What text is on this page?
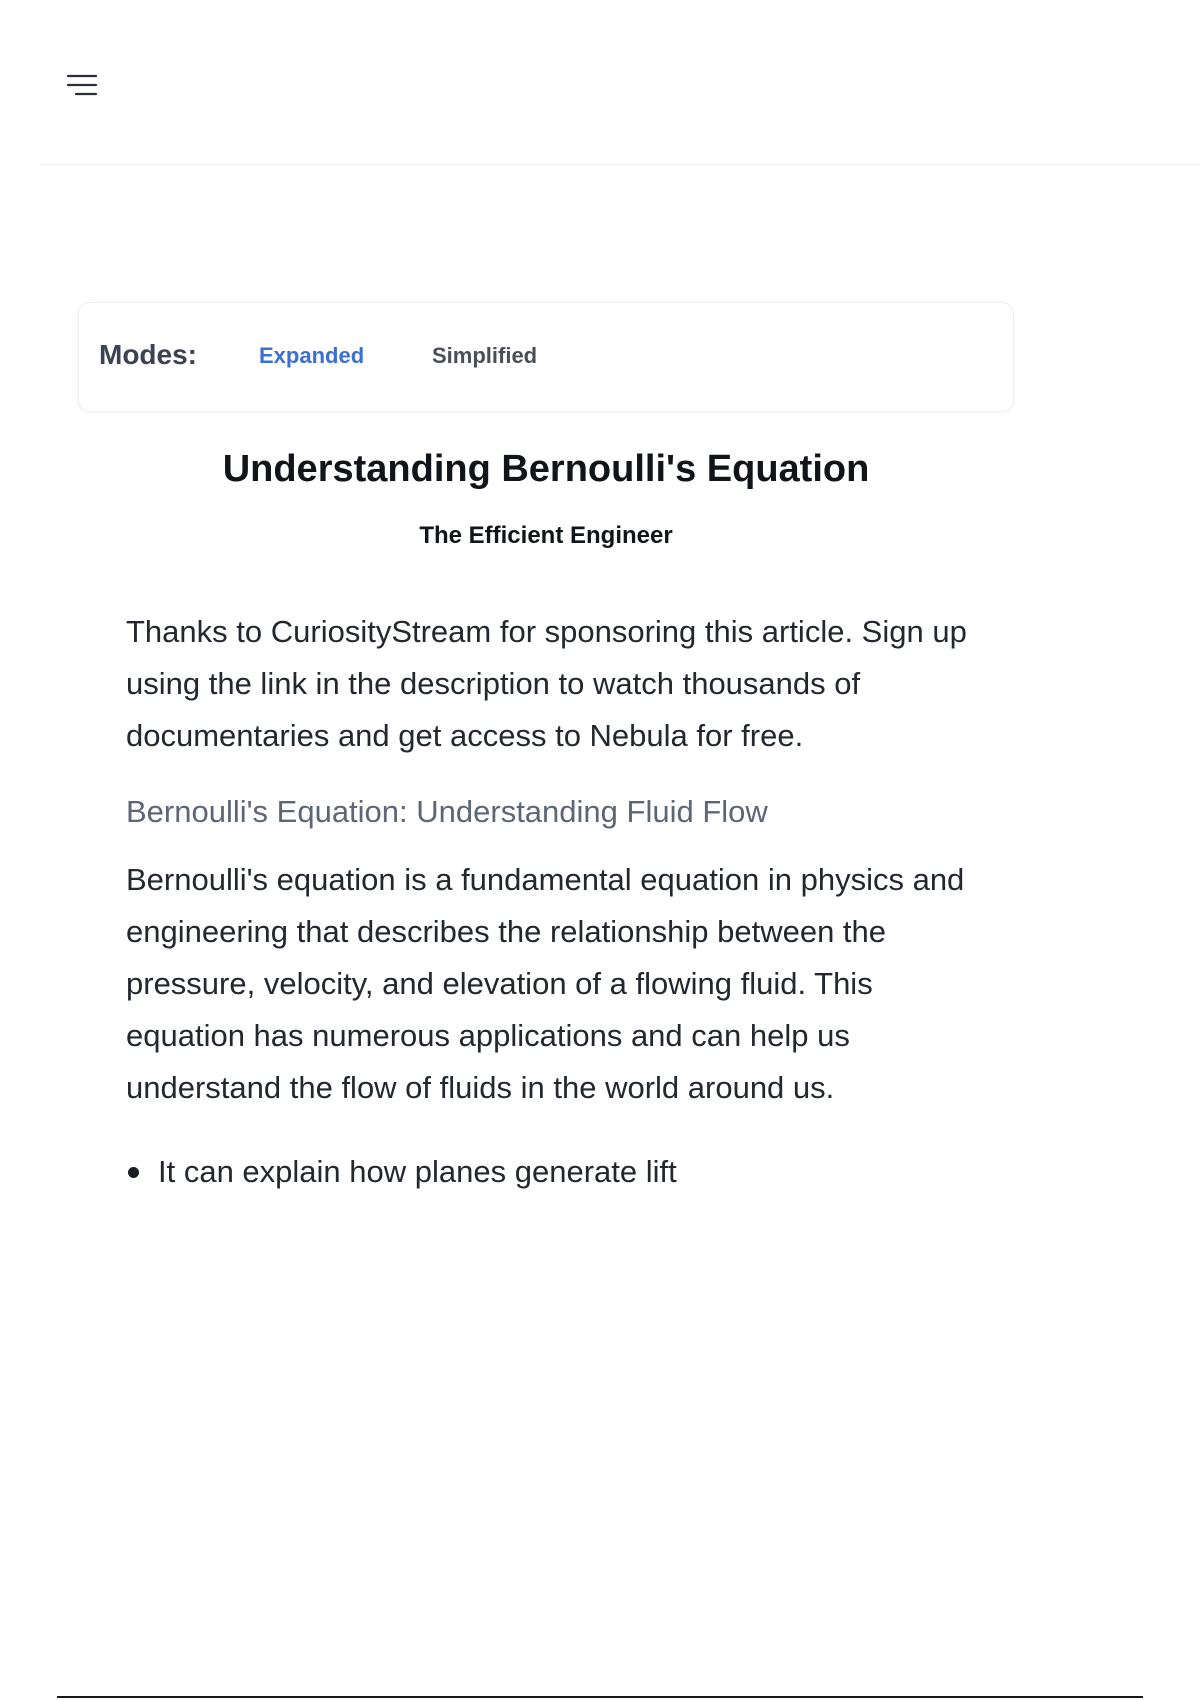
Modes:	Expanded	Simplified
Understanding Bernoulli's Equation
The Efficient Engineer

Thanks to CuriosityStream for sponsoring this article. Sign up using the link in the description to watch thousands of documentaries and get access to Nebula for free.

Bernoulli's Equation: Understanding Fluid Flow

Bernoulli's equation is a fundamental equation in physics and engineering that describes the relationship between the pressure, velocity, and elevation of a flowing fluid. This equation has numerous applications and can help us understand the flow of fluids in the world around us.

It can explain how planes generate lift
